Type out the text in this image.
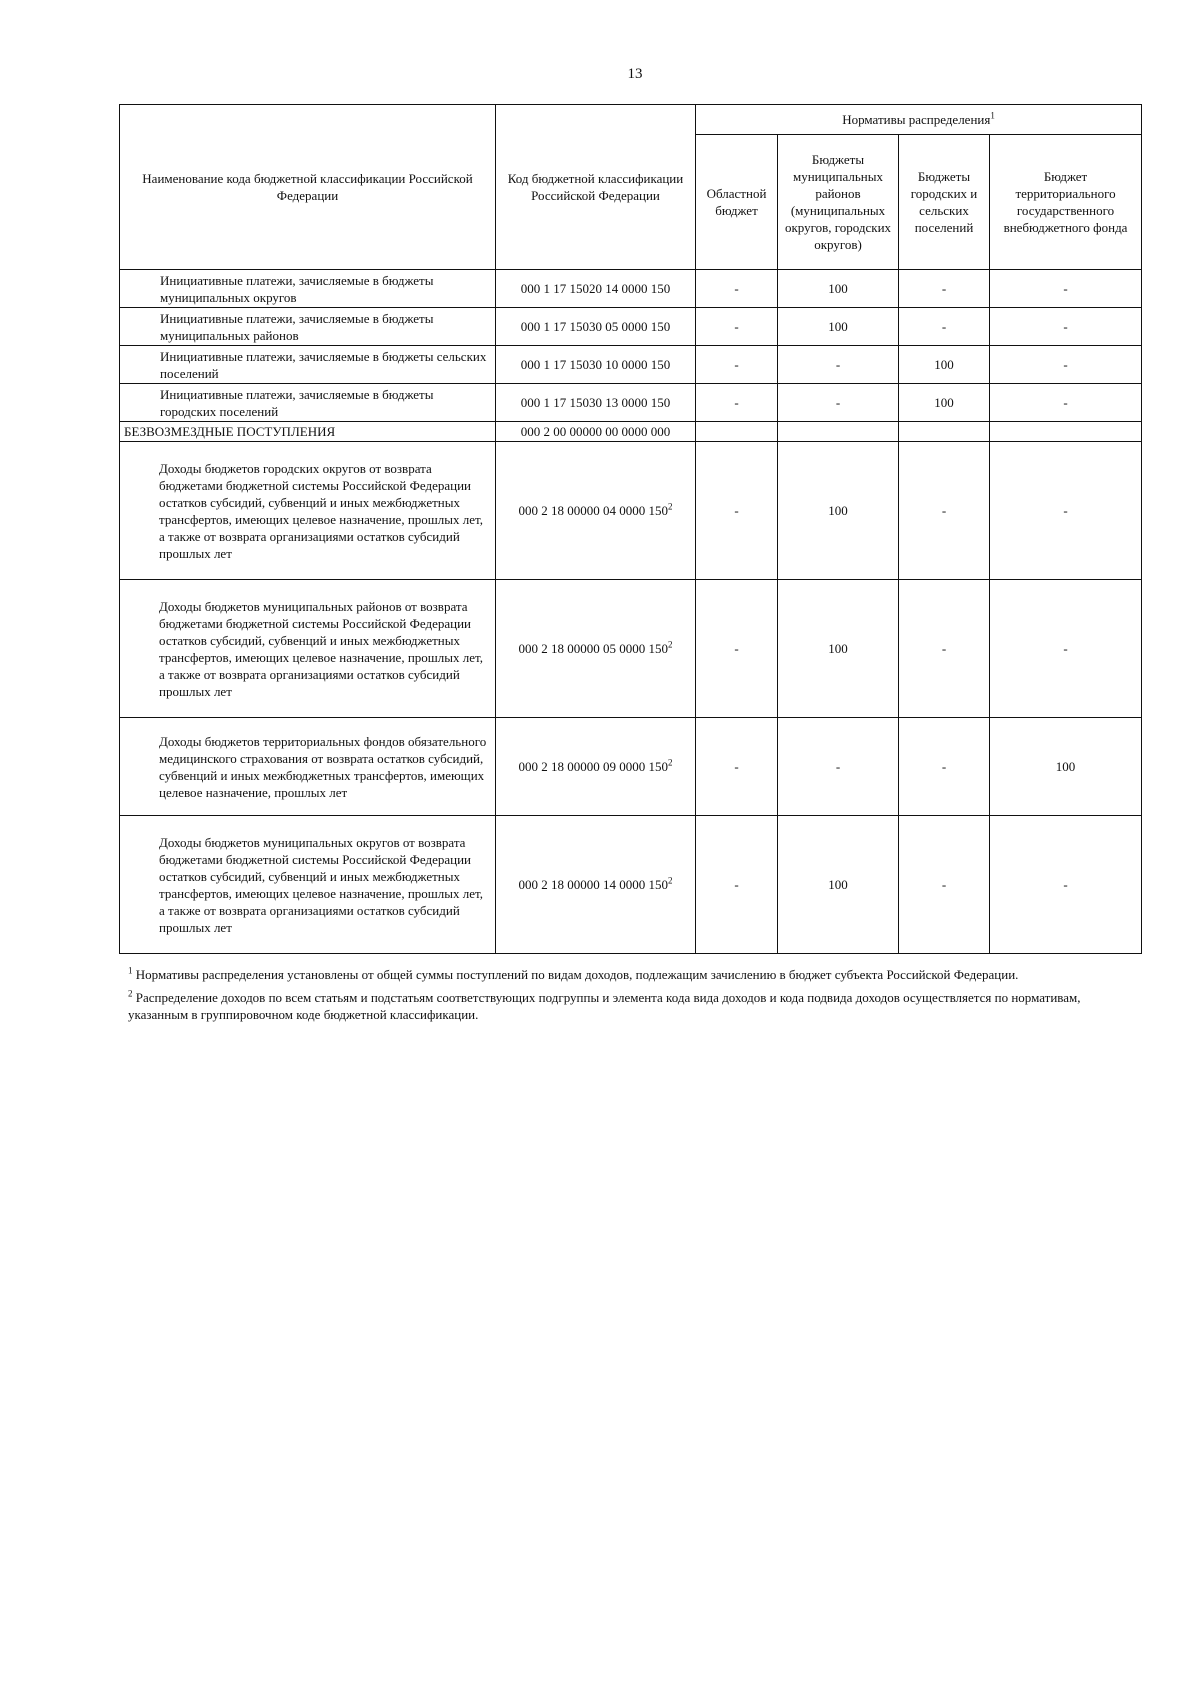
13
Наименование кода бюджетной классификации Российской Федерации	Код бюджетной классификации Российской Федерации	Нормативы распределения$^1$
		Областной бюджет	Бюджеты муниципальных районов (муниципальных округов, городских округов)	Бюджеты городских и сельских поселений	Бюджет территориального государственного внебюджетного фонда
Инициативные платежи, зачисляемые в бюджеты муниципальных округов	000 1 17 15020 14 0000 150	-	100	-	-
Инициативные платежи, зачисляемые в бюджеты муниципальных районов	000 1 17 15030 05 0000 150	-	100	-	-
Инициативные платежи, зачисляемые в бюджеты сельских поселений	000 1 17 15030 10 0000 150	-	-	100	-
Инициативные платежи, зачисляемые в бюджеты городских поселений	000 1 17 15030 13 0000 150	-	-	100	-
БЕЗВОЗМЕЗДНЫЕ ПОСТУПЛЕНИЯ	000 2 00 00000 00 0000 000				
Доходы бюджетов городских округов от возврата бюджетами бюджетной системы Российской Федерации остатков субсидий, субвенций и иных межбюджетных трансфертов, имеющих целевое назначение, прошлых лет, а также от возврата организациями остатков субсидий прошлых лет	000 2 18 00000 04 0000 $150^2$	-	100	-	-
Доходы бюджетов муниципальных районов от возврата бюджетами бюджетной системы Российской Федерации остатков субсидий, субвенций и иных межбюджетных трансфертов, имеющих целевое назначение, прошлых лет, а также от возврата организациями остатков субсидий прошлых лет	000 2 18 00000 05 0000 $150^2$	-	100	-	-
Доходы бюджетов территориальных фондов обязательного медицинского страхования от возврата остатков субсидий, субвенций и иных межбюджетных трансфертов, имеющих целевое назначение, прошлых лет	000 2 18 00000 09 0000 $150^2$	-	-	-	100
Доходы бюджетов муниципальных округов от возврата бюджетами бюджетной системы Российской Федерации остатков субсидий, субвенций и иных межбюджетных трансфертов, имеющих целевое назначение, прошлых лет, а также от возврата организациями остатков субсидий прошлых лет	000 2 18 00000 14 0000 $150^2$	-	100	-	-

$^1$ Нормативы распределения установлены от общей суммы поступлений по видам доходов, подлежащим зачислению в бюджет субъекта Российской Федерации.

$^2$ Распределение доходов по всем статьям и подстатьям соответствующих подгруппы и элемента кода вида доходов и кода подвида доходов осуществляется по нормативам, указанным в группировочном коде бюджетной классификации.
